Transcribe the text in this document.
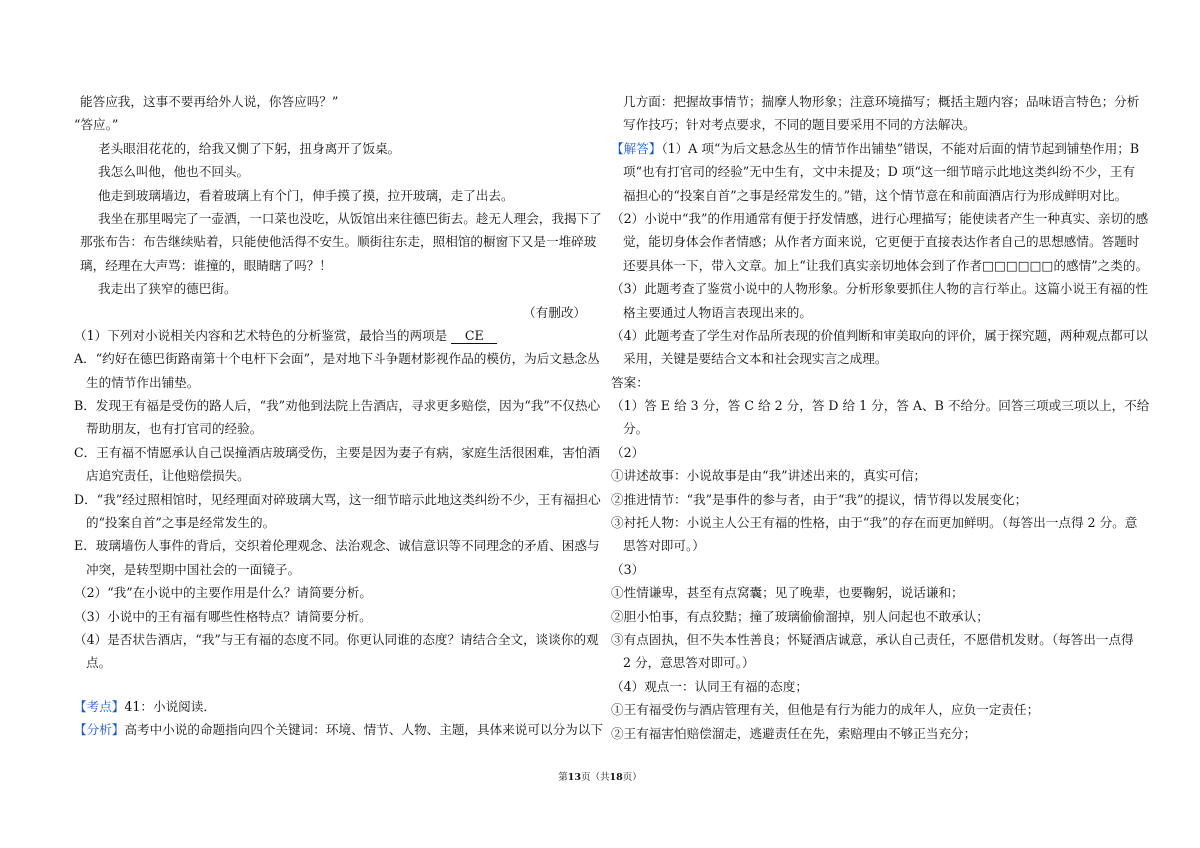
能答应我，这事不要再给外人说，你答应吗？”
“答应。”
老头眼泪花花的，给我又惻了下躬，扭身离开了饭桌。
我怎么叫他，他也不回头。
他走到玻璃墙边，看着玻璃上有个门，伸手摸了摸，拉开玻璃，走了出去。
我坐在那里喝完了一壶酒，一口菜也没吃，从饭馆出来往德巴街去。趁无人理会，我揭下了
那张布告：布告继续贴着，只能使他活得不安生。顺街往东走，照相馆的橱窗下又是一堆碎玻
璃，经理在大声骂：谁撞的，眼睛瞎了吗？！
我走出了狭窄的德巴街。
（有删改）
（1）下列对小说相关内容和艺术特色的分析鉴赏，最恰当的两项是 CE
A．“约好在德巴街路南第十个电杆下会面”，是对地下斗争题材影视作品的模仿，为后文悬念丛
生的情节作出铺垫。
B．发现王有福是受伤的路人后，“我”劝他到法院上告酒店，寻求更多赔偿，因为“我”不仅热心
帮助朋友，也有打官司的经验。
C．王有福不情愿承认自己误撞酒店玻璃受伤，主要是因为妻子有病，家庭生活很困难，害怕酒
店追究责任，让他赔偿损失。
D．“我”经过照相馆时，见经理面对碎玻璃大骂，这一细节暗示此地这类纠纷不少，王有福担心
的“投案自首”之事是经常发生的。
E．玻璃墙伤人事件的背后，交织着伦理观念、法治观念、诚信意识等不同理念的矛盾、困惑与
冲突，是转型期中国社会的一面镜子。
（2）“我”在小说中的主要作用是什么？请简要分析。
（3）小说中的王有福有哪些性格特点？请简要分析。
（4）是否状告酒店，“我”与王有福的态度不同。你更认同谁的态度？请结合全文，谈谈你的观
点。
【考点】41：小说阅读．
【分析】高考中小说的命题指向四个关键词：环境、情节、人物、主题，具体来说可以分为以下
几方面：把握故事情节；揣摩人物形象；注意环境描写；概括主题内容；品味语言特色；分析
写作技巧；针对考点要求，不同的题目要采用不同的方法解决。
【解答】（1）A 项“为后文悬念丛生的情节作出铺垫”错误，不能对后面的情节起到铺垫作用；B
项“也有打官司的经验”无中生有，文中未提及；D 项“这一细节暗示此地这类纠纷不少，王有
福担心的“投案自首”之事是经常发生的。”错，这个情节意在和前面酒店行为形成鲜明对比。
（2）小说中“我”的作用通常有便于抒发情感，进行心理描写；能使读者产生一种真实、亲切的感
觉，能切身体会作者情感；从作者方面来说，它更便于直接表达作者自己的思想感情。答题时
还要具体一下，带入文章。加上“让我们真实亲切地体会到了作者□□□□□□的感情”之类的。
（3）此题考查了鉴赏小说中的人物形象。分析形象要抓住人物的言行举止。这篇小说王有福的性
格主要通过人物语言表现出来的。
（4）此题考查了学生对作品所表现的价值判断和审美取向的评价，属于探究题，两种观点都可以
采用，关键是要结合文本和社会现实言之成理。
答案：
（1）答 E 给 3 分，答 C 给 2 分，答 D 给 1 分，答 A、B 不给分。回答三项或三项以上，不给
分。
（2）
①讲述故事：小说故事是由“我”讲述出来的，真实可信；
②推进情节：“我”是事件的参与者，由于“我”的提议，情节得以发展变化；
③衬托人物：小说主人公王有福的性格，由于“我”的存在而更加鲜明。（每答出一点得 2 分。意
思答对即可。）
（3）
①性情谦卑，甚至有点窝囊；见了晚辈，也要鞠躬，说话谦和；
②胆小怕事，有点狡黠；撞了玻璃偷偷溜掉，别人问起也不敢承认；
③有点固执，但不失本性善良；怀疑酒店诚意，承认自己责任，不愿借机发财。（每答出一点得
2 分，意思答对即可。）
（4）观点一：认同王有福的态度；
①王有福受伤与酒店管理有关，但他是有行为能力的成年人，应负一定责任；
②王有福害怕赔偿溜走，逃避责任在先，索赔理由不够正当充分；
第13页（共18页）
